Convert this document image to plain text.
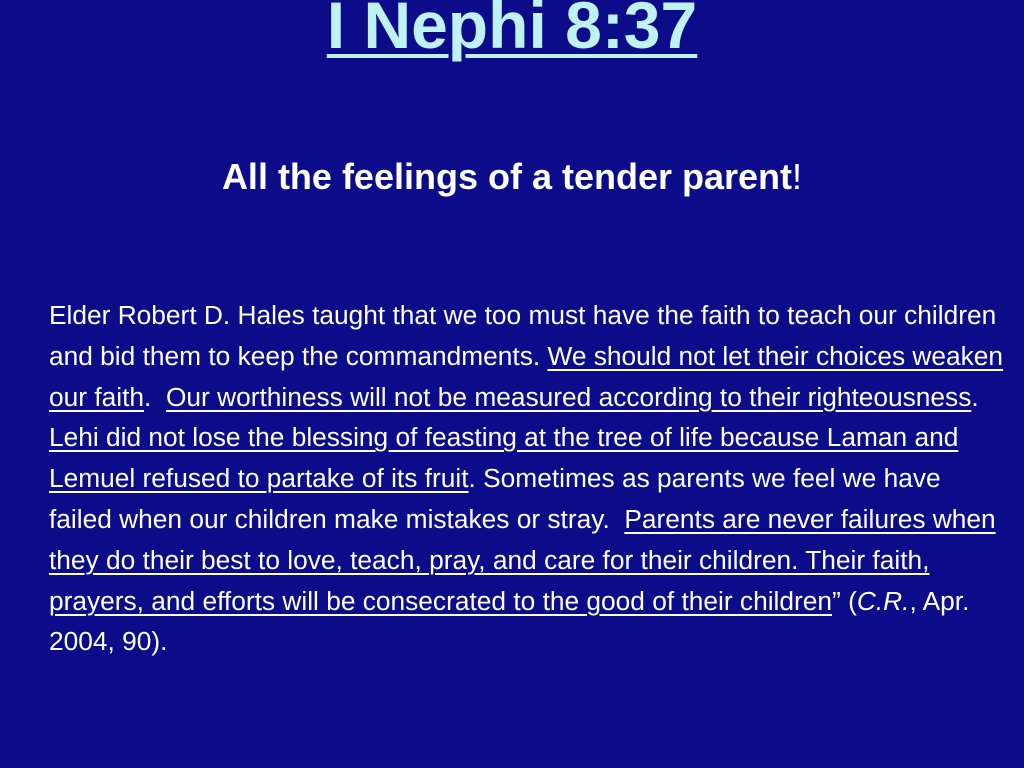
I Nephi 8:37
All the feelings of a tender parent!

Elder Robert D. Hales taught that we too must have the faith to teach our children and bid them to keep the commandments. We should not let their choices weaken our faith. Our worthiness will not be measured according to their righteousness.  Lehi did not lose the blessing of feasting at the tree of life because Laman and Lemuel refused to partake of its fruit. Sometimes as parents we feel we have failed when our children make mistakes or stray. Parents are never failures when they do their best to love, teach, pray, and care for their children. Their faith, prayers, and efforts will be consecrated to the good of their children” (C.R., Apr. 2004, 90).
